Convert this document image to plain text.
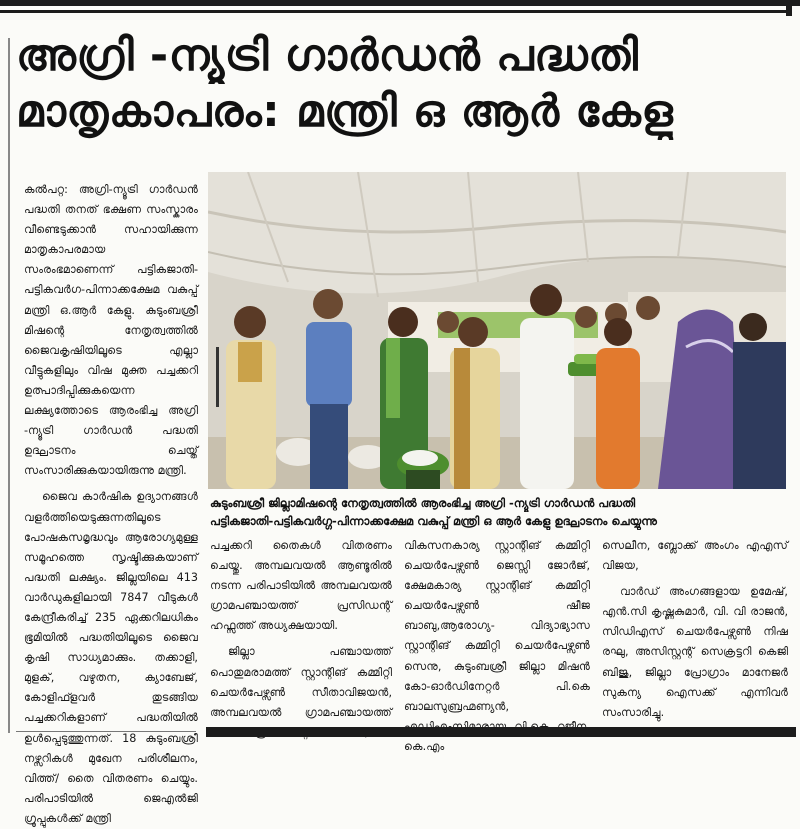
അഗ്രി -ന്യൂട്രി ഗാർഡൻ പദ്ധതി
മാതൃകാപരം: മന്ത്രി ഒ ആർ കേളു

കൽപറ്റ: അഗ്രി-ന്യൂട്രി ഗാർഡൻ പദ്ധതി തനത് ഭക്ഷണ സംസ്കാരം വീണ്ടെടുക്കാൻ സഹായിക്കുന്ന മാതൃകാപരമായ സംരംഭമാണെന്ന് പട്ടികജാതി-പട്ടികവർഗ-പിന്നാക്കക്ഷേമ വകുപ്പ് മന്ത്രി ഒ.ആർ കേളു. കുടുംബശ്രീ മിഷന്റെ നേതൃത്വത്തിൽ ജൈവകൃഷിയിലൂടെ എല്ലാ വീട്ടുകളിലും വിഷ മുക്ത പച്ചക്കറി ഉത്പാദിപ്പിക്കുകയെന്ന ലക്ഷ്യത്തോടെ ആരംഭിച്ച അഗ്രി -ന്യൂട്രി ഗാർഡൻ പദ്ധതി ഉദ്ഘാടനം ചെയ്ത് സംസാരിക്കുകയായിരുന്നു മന്ത്രി.

ജൈവ കാർഷിക ഉദ്യാനങ്ങൾ വളർത്തിയെടുക്കുന്നതിലൂടെ പോഷകസമൃദ്ധവും ആരോഗ്യമുള്ള സമൂഹത്തെ സൃഷ്ടിക്കുകയാണ് പദ്ധതി ലക്ഷ്യം. ജില്ലയിലെ 413 വാർഡുകളിലായി 7847 വീടുകൾ കേന്ദ്രീകരിച്ച് 235 ഏക്കറിലധികം ഭൂമിയിൽ പദ്ധതിയിലൂടെ ജൈവ കൃഷി സാധ്യമാക്കും. തക്കാളി, മുളക്, വഴുതന, ക്യാബേജ്, കോളിഫ്ളവർ തുടങ്ങിയ പച്ചക്കറികളാണ് പദ്ധതിയിൽ ഉൾപ്പെടുത്തുന്നത്. 18 കുടുംബശ്രീ നഴ്സറികൾ മുഖേന പരിശീലനം, വിത്ത്/ തൈ വിതരണം ചെയ്യും. പരിപാടിയിൽ ജെഎൽജി ഗ്രൂപ്പുകൾക്ക് മന്ത്രി

കുടുംബശ്രീ ജില്ലാമിഷന്റെ നേതൃത്വത്തിൽ ആരംഭിച്ച അഗ്രി -ന്യൂട്രി ഗാർഡൻ പദ്ധതി
പട്ടികജാതി-പട്ടികവർഗ്ഗ-പിന്നാക്കക്ഷേമ വകുപ്പ് മന്ത്രി ഒ ആർ കേളു ഉദ്ഘാടനം ചെയ്യുന്നു

പച്ചക്കറി തൈകൾ വിതരണം ചെയ്തു. അമ്പലവയൽ ആണ്ടൂരിൽ നടന്ന പരിപാടിയിൽ അമ്പലവയൽ ഗ്രാമപഞ്ചായത്ത് പ്രസിഡന്റ് ഹഫ്സത്ത് അധ്യക്ഷയായി.

ജില്ലാ പഞ്ചായത്ത് പൊതുമരാമത്ത് സ്റ്റാന്റിങ് കമ്മിറ്റി ചെയർപേഴ്സൺ സീതാവിജയൻ, അമ്പലവയൽ ഗ്രാമപഞ്ചായത്ത്

വികസനകാര്യ സ്റ്റാന്റിങ് കമ്മിറ്റി ചെയർപേഴ്സൺ ജെസ്സി ജോർജ്, ക്ഷേമകാര്യ സ്റ്റാന്റിങ് കമ്മിറ്റി ചെയർപേഴ്സൺ ഷീജ ബാബു,ആരോഗ്യ- വിദ്യാഭ്യാസ സ്റ്റാന്റിങ് കമ്മിറ്റി ചെയർപേഴ്സൺ സെനു, കുടുംബശ്രീ ജില്ലാ മിഷൻ കോ-ഓർഡിനേറ്റർ പി.കെ ബാലസുബ്രഹ്മണ്യൻ, കെ.എം

സെലീന, ബ്ലോക്ക് അംഗം എഎസ് വിജയ,

വാർഡ് അംഗങ്ങളായ ഉമേഷ്, എൻ.സി കൃഷ്ണകുമാർ, വി. വി രാജൻ, സിഡിഎസ് ചെയർപേഴ്സൺ നിഷ രഘു, അസിസ്റ്റന്റ് സെക്രട്ടറി കെജി ബിജു, ജില്ലാ പ്രോഗ്രാം മാനേജർ സുകന്യ ഐസക്ക് എന്നിവർ സംസാരിച്ചു.
